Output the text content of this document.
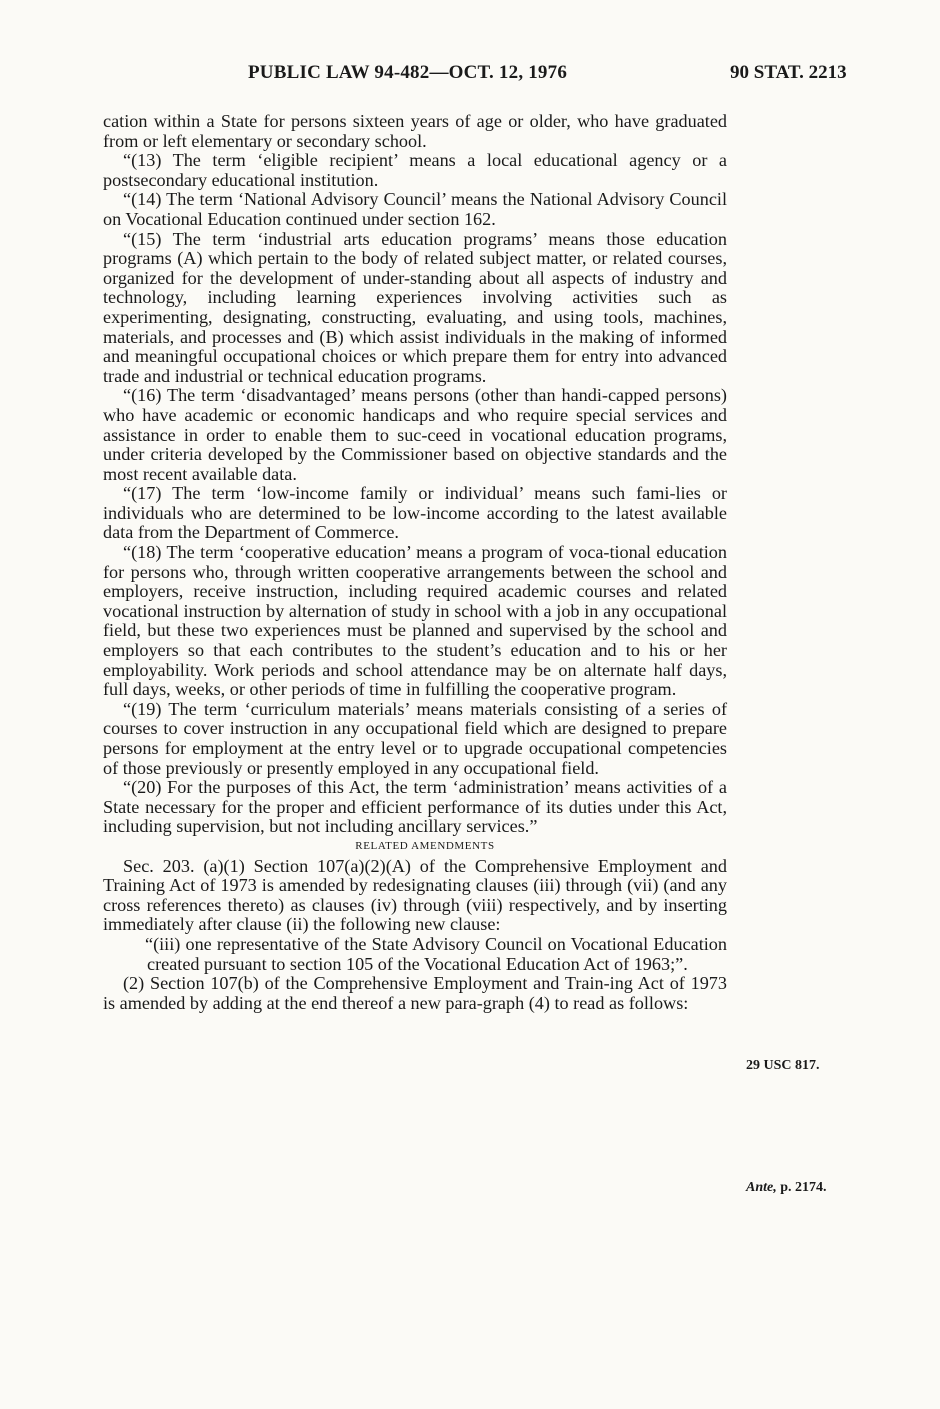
PUBLIC LAW 94-482—OCT. 12, 1976	90 STAT. 2213

cation within a State for persons sixteen years of age or older, who have graduated from or left elementary or secondary school.

“(13) The term ‘eligible recipient’ means a local educational agency or a postsecondary educational institution.

“(14) The term ‘National Advisory Council’ means the National Advisory Council on Vocational Education continued under section 162.

“(15) The term ‘industrial arts education programs’ means those education programs (A) which pertain to the body of related subject matter, or related courses, organized for the development of under-standing about all aspects of industry and technology, including learning experiences involving activities such as experimenting, designating, constructing, evaluating, and using tools, machines, materials, and processes and (B) which assist individuals in the making of informed and meaningful occupational choices or which prepare them for entry into advanced trade and industrial or technical education programs.

“(16) The term ‘disadvantaged’ means persons (other than handi-capped persons) who have academic or economic handicaps and who require special services and assistance in order to enable them to suc-ceed in vocational education programs, under criteria developed by the Commissioner based on objective standards and the most recent available data.

“(17) The term ‘low-income family or individual’ means such fami-lies or individuals who are determined to be low-income according to the latest available data from the Department of Commerce.

“(18) The term ‘cooperative education’ means a program of voca-tional education for persons who, through written cooperative arrangements between the school and employers, receive instruction, including required academic courses and related vocational instruction by alternation of study in school with a job in any occupational field, but these two experiences must be planned and supervised by the school and employers so that each contributes to the student’s education and to his or her employability. Work periods and school attendance may be on alternate half days, full days, weeks, or other periods of time in fulfilling the cooperative program.

“(19) The term ‘curriculum materials’ means materials consisting of a series of courses to cover instruction in any occupational field which are designed to prepare persons for employment at the entry level or to upgrade occupational competencies of those previously or presently employed in any occupational field.

“(20) For the purposes of this Act, the term ‘administration’ means activities of a State necessary for the proper and efficient performance of its duties under this Act, including supervision, but not including ancillary services.”

RELATED AMENDMENTS

Sec. 203. (a)(1) Section 107(a)(2)(A) of the Comprehensive Employment and Training Act of 1973 is amended by redesignating clauses (iii) through (vii) (and any cross references thereto) as clauses (iv) through (viii) respectively, and by inserting immediately after clause (ii) the following new clause:

“(iii) one representative of the State Advisory Council on Vocational Education created pursuant to section 105 of the Vocational Education Act of 1963;”.

(2) Section 107(b) of the Comprehensive Employment and Train-ing Act of 1973 is amended by adding at the end thereof a new para-graph (4) to read as follows:

29 USC 817.
Ante, p. 2174.
